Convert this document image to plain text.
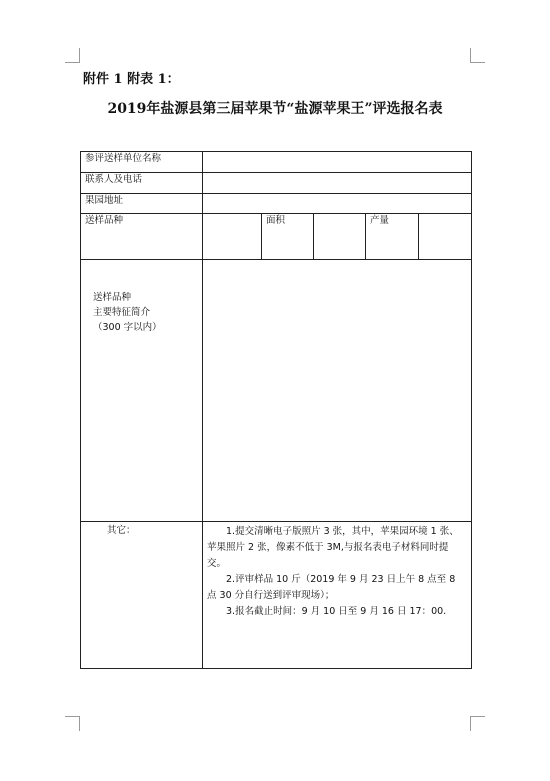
附件 1 附表 1：
2019年盐源县第三届苹果节“盐源苹果王”评选报名表
参评送样单位名称					
联系人及电话					
果园地址					
送样品种		面积		产量	

送样品种
主要特征简介
（300 字以内）					

其它：	1.提交清晰电子版照片 3 张，其中，苹果园环境 1 张、苹果照片 2 张，像素不低于 3M,与报名表电子材料同时提交。

2.评审样品 10 斤（2019 年 9 月 23 日上午 8 点至 8 点 30 分自行送到评审现场）；

3.报名截止时间：9 月 10 日至 9 月 16 日 17：00.				
